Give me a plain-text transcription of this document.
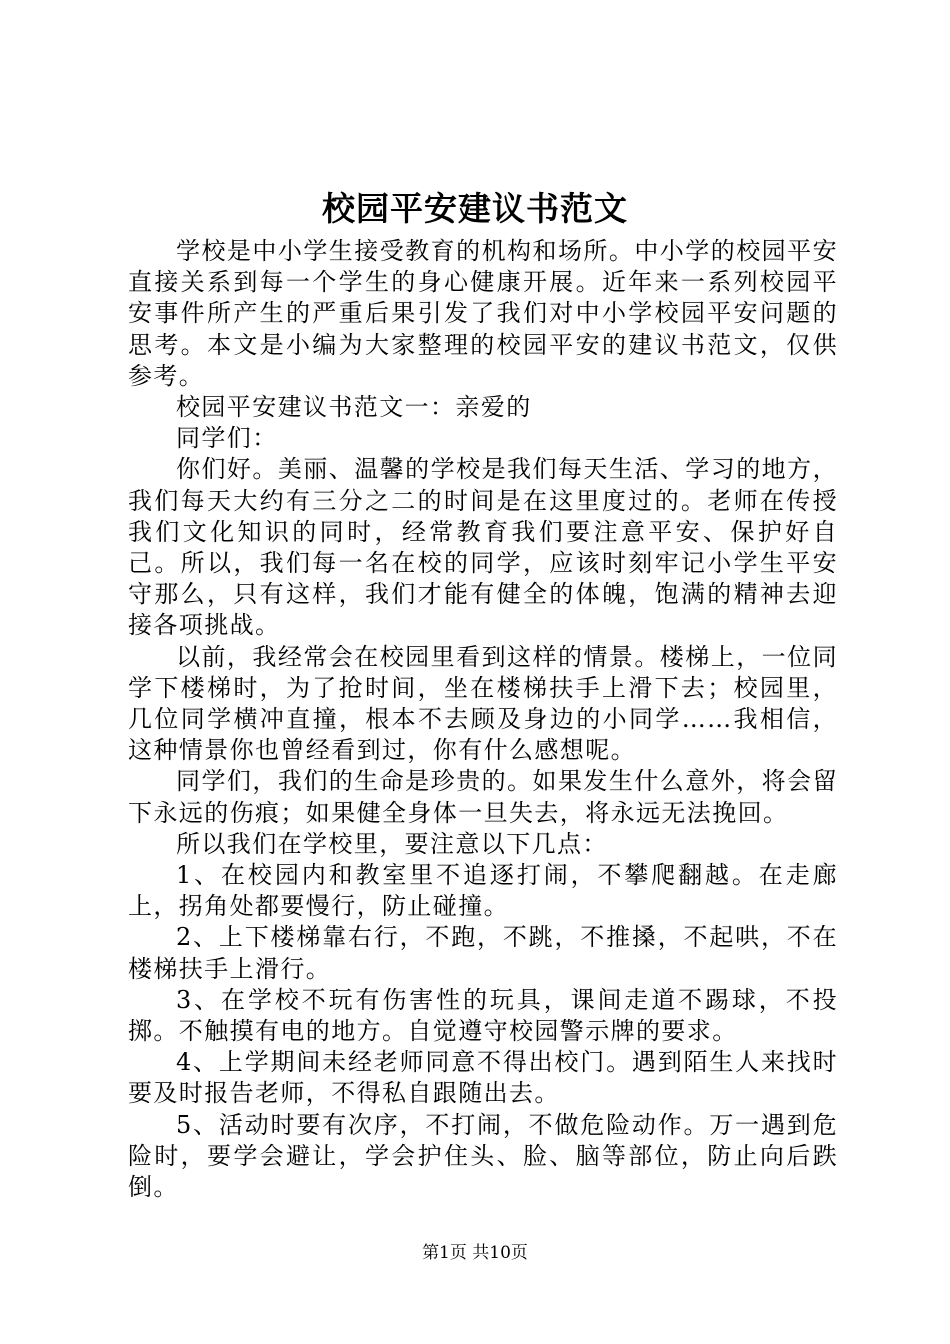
校园平安建议书范文

学校是中小学生接受教育的机构和场所。中小学的校园平安直接关系到每一个学生的身心健康开展。近年来一系列校园平安事件所产生的严重后果引发了我们对中小学校园平安问题的思考。本文是小编为大家整理的校园平安的建议书范文，仅供参考。

校园平安建议书范文一：亲爱的

同学们：

你们好。美丽、温馨的学校是我们每天生活、学习的地方，我们每天大约有三分之二的时间是在这里度过的。老师在传授我们文化知识的同时，经常教育我们要注意平安、保护好自己。所以，我们每一名在校的同学，应该时刻牢记小学生平安守那么，只有这样，我们才能有健全的体魄，饱满的精神去迎接各项挑战。

以前，我经常会在校园里看到这样的情景。楼梯上，一位同学下楼梯时，为了抢时间，坐在楼梯扶手上滑下去；校园里，几位同学横冲直撞，根本不去顾及身边的小同学……我相信，这种情景你也曾经看到过，你有什么感想呢。

同学们，我们的生命是珍贵的。如果发生什么意外，将会留下永远的伤痕；如果健全身体一旦失去，将永远无法挽回。

所以我们在学校里，要注意以下几点：

1、在校园内和教室里不追逐打闹，不攀爬翻越。在走廊上，拐角处都要慢行，防止碰撞。

2、上下楼梯靠右行，不跑，不跳，不推搡，不起哄，不在楼梯扶手上滑行。

3、在学校不玩有伤害性的玩具，课间走道不踢球，不投掷。不触摸有电的地方。自觉遵守校园警示牌的要求。

4、上学期间未经老师同意不得出校门。遇到陌生人来找时要及时报告老师，不得私自跟随出去。

5、活动时要有次序，不打闹，不做危险动作。万一遇到危险时，要学会避让，学会护住头、脸、脑等部位，防止向后跌倒。

第1页 共10页
